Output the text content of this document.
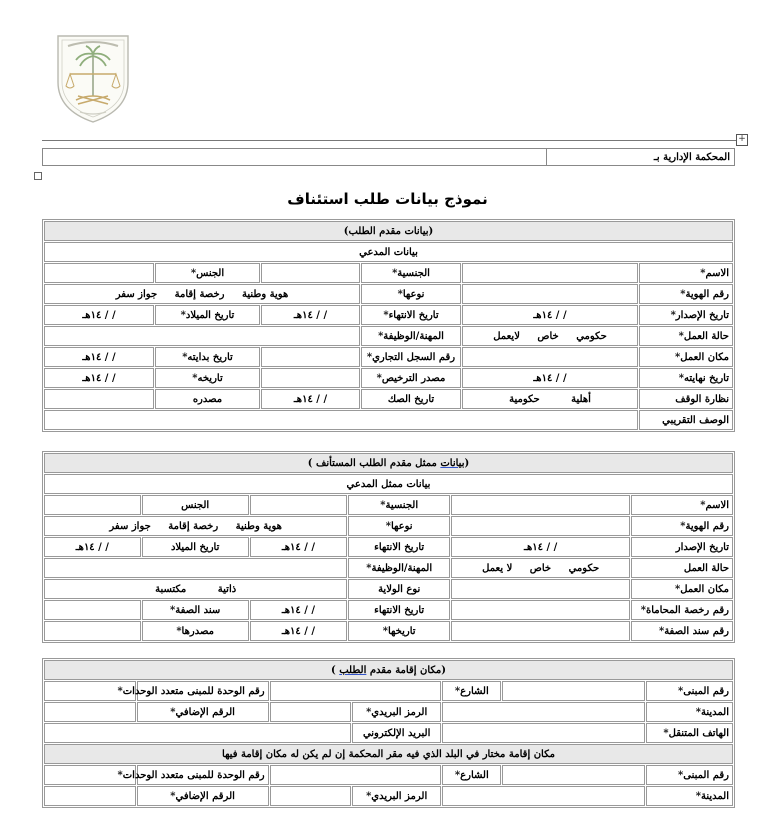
+
	المحكمة الإدارية بـ
نموذج بيانات طلب استئناف
(بيانات مقدم الطلب)					
بيانات المدعي					
الاسم*		الجنسية*		الجنس*	
رقم الهوية*		نوعها*	هوية وطنية رخصة إقامة جواز سفر		
تاريخ الإصدار*	/ / ١٤هـ	تاريخ الانتهاء*	/ / ١٤هـ	تاريخ الميلاد*	/ / ١٤هـ
حالة العمل*	حكومي خاص لايعمل	المهنة/الوظيفة*			
مكان العمل*		رقم السجل التجاري*		تاريخ بدايته*	/ / ١٤هـ
تاريخ نهايته*	/ / ١٤هـ	مصدر الترخيص*		تاريخه*	/ / ١٤هـ
نظارة الوقف	أهلية حكومية	تاريخ الصك	/ / ١٤هـ	مصدره	
الوصف التقريبي					
(بيانات ممثل مقدم الطلب المستأنف )					
بيانات ممثل المدعي					
الاسم*		الجنسية*		الجنس	
رقم الهوية*		نوعها*	هوية وطنية رخصة إقامة جواز سفر		
تاريخ الإصدار	/ / ١٤هـ	تاريخ الانتهاء	/ / ١٤هـ	تاريخ الميلاد	/ / ١٤هـ
حالة العمل	حكومي خاص لا يعمل	المهنة/الوظيفة*			
مكان العمل*		نوع الولاية	ذاتية مكتسبة		
رقم رخصة المحاماة*		تاريخ الانتهاء	/ / ١٤هـ	سند الصفة*	
رقم سند الصفة*		تاريخها*	/ / ١٤هـ	مصدرها*	
(مكان إقامة مقدم الطلب )						
رقم المبنى*		الشارع*			رقم الوحدة للمبنى متعدد الوحدات*	
المدينة*			الرمز البريدي*		الرقم الإضافي*	
الهاتف المتنقل*			البريد الإلكتروني			
مكان إقامة مختار في البلد الذي فيه مقر المحكمة إن لم يكن له مكان إقامة فيها						
رقم المبنى*		الشارع*			رقم الوحدة للمبنى متعدد الوحدات*	
المدينة*			الرمز البريدي*		الرقم الإضافي*	
